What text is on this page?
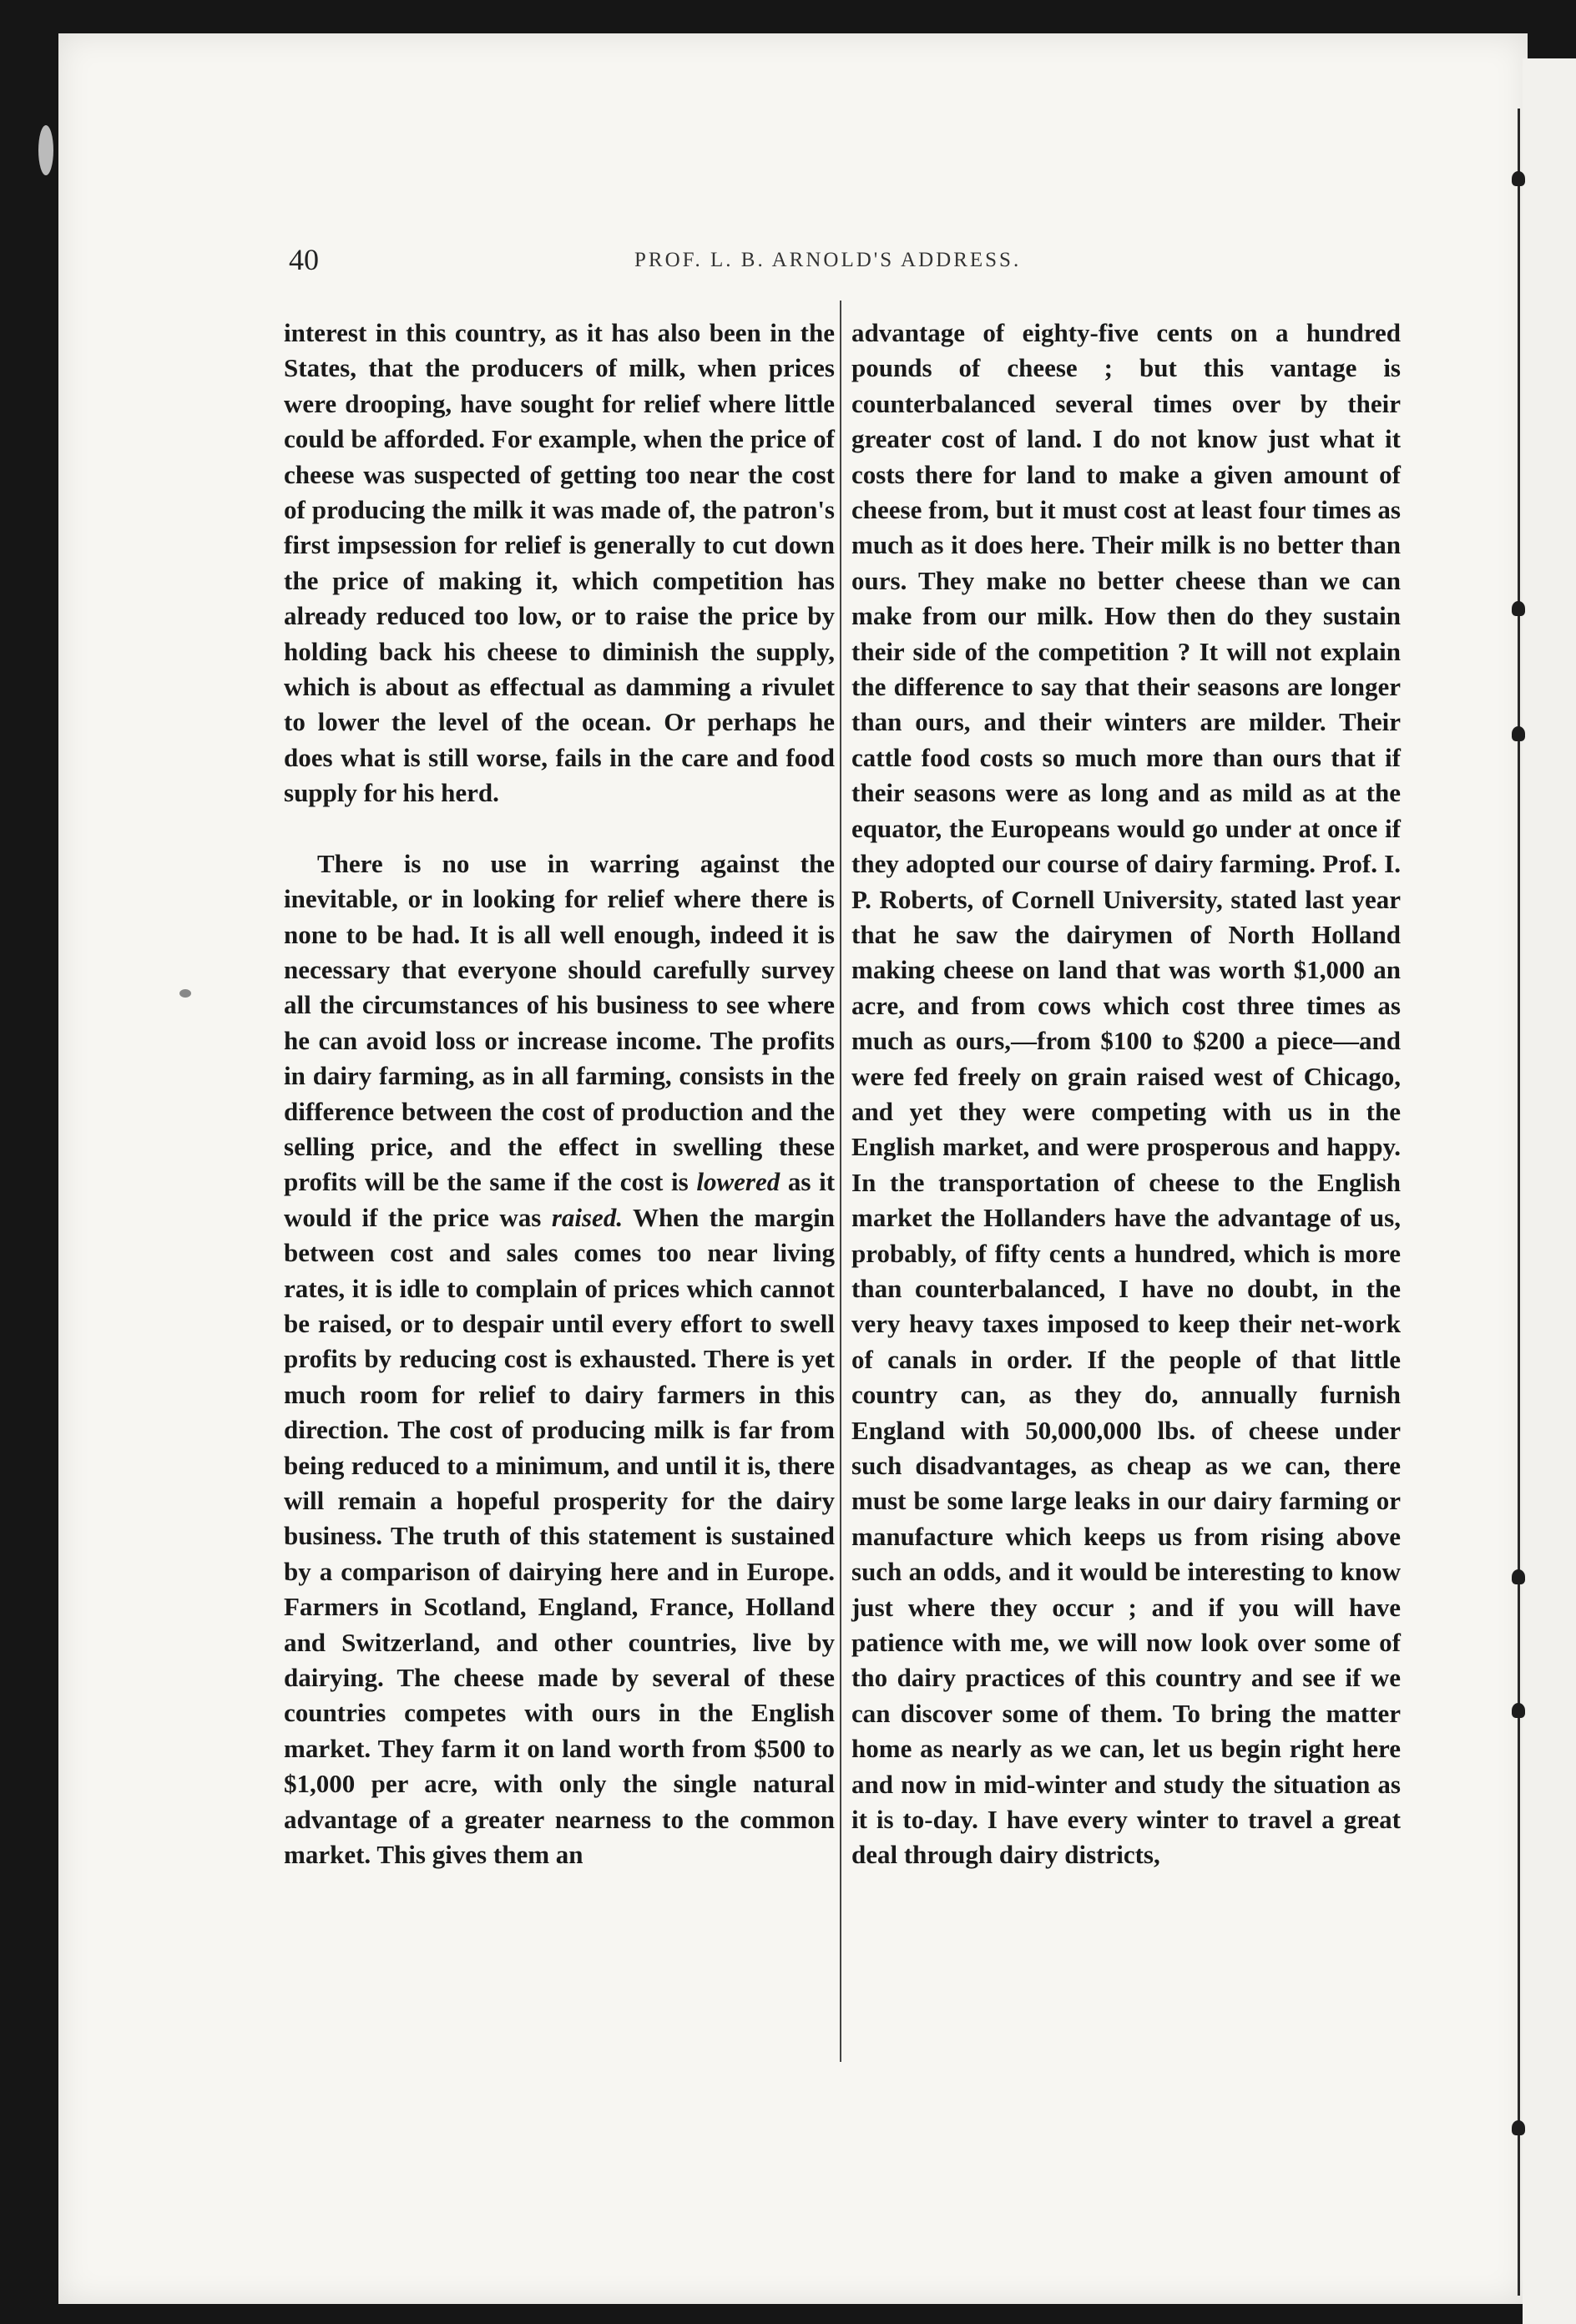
40	PROF. L. B. ARNOLD'S ADDRESS.

interest in this country, as it has also been in the States, that the producers of milk, when prices were drooping, have sought for relief where little could be afforded. For example, when the price of cheese was suspected of getting too near the cost of producing the milk it was made of, the patron's first impsession for relief is generally to cut down the price of making it, which competition has already reduced too low, or to raise the price by holding back his cheese to diminish the supply, which is about as effectual as damming a rivulet to lower the level of the ocean. Or perhaps he does what is still worse, fails in the care and food supply for his herd.

There is no use in warring against the inevitable, or in looking for relief where there is none to be had. It is all well enough, indeed it is necessary that everyone should carefully survey all the circumstances of his business to see where he can avoid loss or increase income. The profits in dairy farming, as in all farming, consists in the difference between the cost of production and the selling price, and the effect in swelling these profits will be the same if the cost is lowered as it would if the price was raised. When the margin between cost and sales comes too near living rates, it is idle to complain of prices which cannot be raised, or to despair until every effort to swell profits by reducing cost is exhausted. There is yet much room for relief to dairy farmers in this direction. The cost of producing milk is far from being reduced to a minimum, and until it is, there will remain a hopeful prosperity for the dairy business. The truth of this statement is sustained by a comparison of dairying here and in Europe. Farmers in Scotland, England, France, Holland and Switzerland, and other countries, live by dairying. The cheese made by several of these countries competes with ours in the English market. They farm it on land worth from $500 to $1,000 per acre, with only the single natural advantage of a greater nearness to the common market. This gives them an

advantage of eighty-five cents on a hundred pounds of cheese ; but this vantage is counterbalanced several times over by their greater cost of land. I do not know just what it costs there for land to make a given amount of cheese from, but it must cost at least four times as much as it does here. Their milk is no better than ours. They make no better cheese than we can make from our milk. How then do they sustain their side of the competition ? It will not explain the difference to say that their seasons are longer than ours, and their winters are milder. Their cattle food costs so much more than ours that if their seasons were as long and as mild as at the equator, the Europeans would go under at once if they adopted our course of dairy farming. Prof. I. P. Roberts, of Cornell University, stated last year that he saw the dairymen of North Holland making cheese on land that was worth $1,000 an acre, and from cows which cost three times as much as ours,—from $100 to $200 a piece—and were fed freely on grain raised west of Chicago, and yet they were competing with us in the English market, and were prosperous and happy. In the transportation of cheese to the English market the Hollanders have the advantage of us, probably, of fifty cents a hundred, which is more than counterbalanced, I have no doubt, in the very heavy taxes imposed to keep their net-work of canals in order. If the people of that little country can, as they do, annually furnish England with 50,000,000 lbs. of cheese under such disadvantages, as cheap as we can, there must be some large leaks in our dairy farming or manufacture which keeps us from rising above such an odds, and it would be interesting to know just where they occur ; and if you will have patience with me, we will now look over some of tho dairy practices of this country and see if we can discover some of them. To bring the matter home as nearly as we can, let us begin right here and now in mid-winter and study the situation as it is to-day. I have every winter to travel a great deal through dairy districts,
